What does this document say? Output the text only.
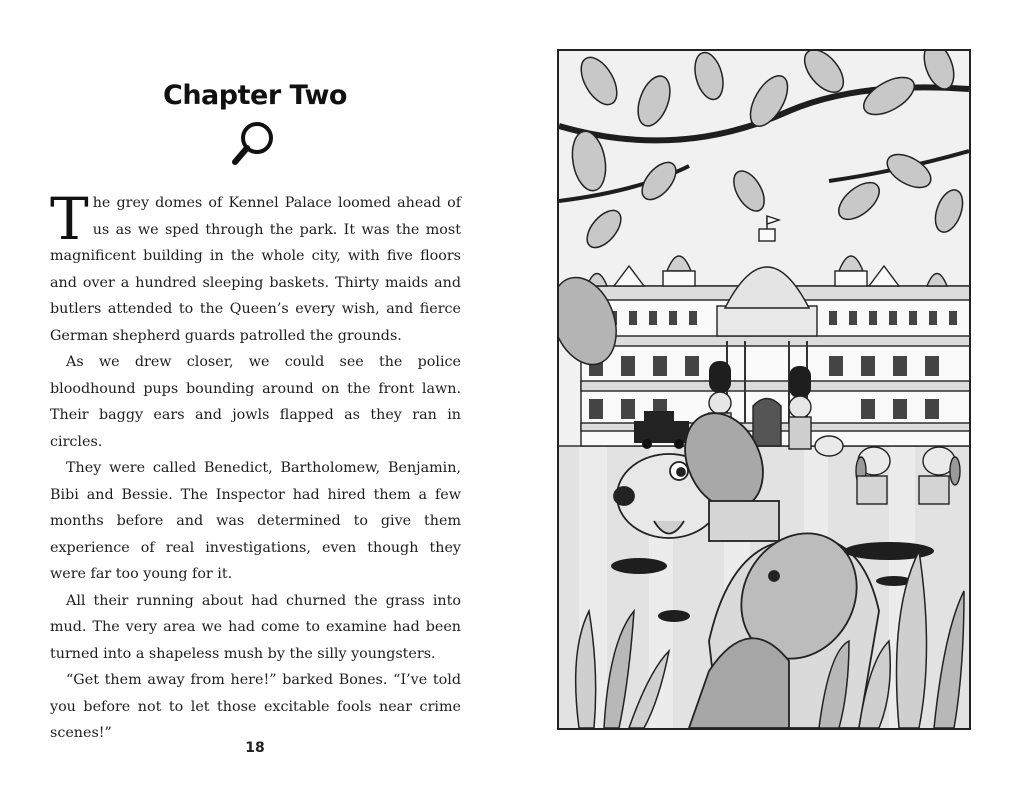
Chapter Two

The grey domes of Kennel Palace loomed ahead of us as we sped through the park. It was the most magnificent building in the whole city, with five floors and over a hundred sleeping baskets. Thirty maids and butlers attended to the Queen’s every wish, and fierce German shepherd guards patrolled the grounds.

As we drew closer, we could see the police bloodhound pups bounding around on the front lawn. Their baggy ears and jowls flapped as they ran in circles.

They were called Benedict, Bartholomew, Benjamin, Bibi and Bessie. The Inspector had hired them a few months before and was determined to give them experience of real investigations, even though they were far too young for it.

All their running about had churned the grass into mud. The very area we had come to examine had been turned into a shapeless mush by the silly youngsters.

“Get them away from here!” barked Bones. “I’ve told you before not to let those excitable fools near crime scenes!”

18
